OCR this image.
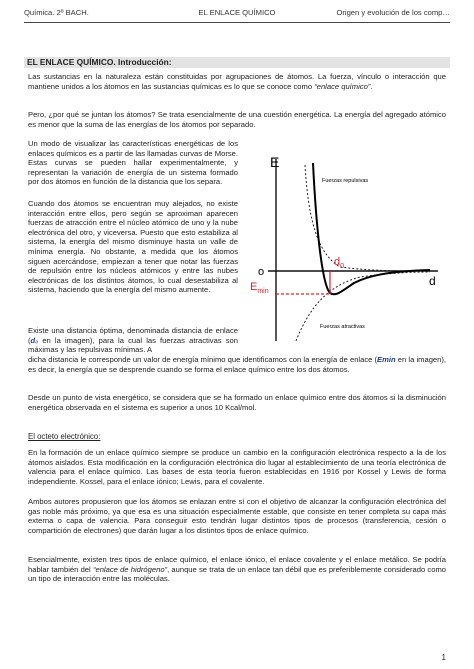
Química. 2º BACH.	EL ENLACE QUÍMICO	Origen y evolución de los comp…
EL ENLACE QUÍMICO. Introducción:

Las sustancias en la naturaleza están constituidas por agrupaciones de átomos. La fuerza, vínculo o interacción que mantiene unidos a los átomos en las sustancias químicas es lo que se conoce como “enlace químico”.

Pero, ¿por qué se juntan los átomos? Se trata esencialmente de una cuestión energética. La energía del agregado atómico es menor que la suma de las energías de los átomos por separado.

Un modo de visualizar las características energéticas de los enlaces químicos es a partir de las llamadas curvas de Morse. Estas curvas se pueden hallar experimentalmente, y representan la variación de energía de un sistema formado por dos átomos en función de la distancia que los separa.

Cuando dos átomos se encuentran muy alejados, no existe interacción entre ellos, pero según se aproximan aparecen fuerzas de atracción entre el núcleo atómico de uno y la nube electrónica del otro, y viceversa. Puesto que esto estabiliza al sistema, la energía del mismo disminuye hasta un valle de mínima energía. No obstante, a medida que los átomos siguen acercándose, empiezan a tener que notar las fuerzas de repulsión entre los núcleos atómicos y entre las nubes electrónicas de los distintos átomos, lo cual desestabiliza al sistema, haciendo que la energía del mismo aumente.

Existe una distancia óptima, denominada distancia de enlace (d₀ en la imagen), para la cual las fuerzas atractivas son máximas y las repulsivas mínimas. A

dicha distancia le corresponde un valor de energía mínimo que identificamos con la energía de enlace (Emin en la imagen), es decir, la energía que se desprende cuando se forma el enlace químico entre los dos átomos.

Desde un punto de vista energético, se considera que se ha formado un enlace químico entre dos átomos si la disminución energética observada en el sistema es superior a unos 10 Kcal/mol.

El octeto electrónico:

En la formación de un enlace químico siempre se produce un cambio en la configuración electrónica respecto a la de los átomos aislados. Esta modificación en la configuración electrónica dio lugar al establecimiento de una teoría electrónica de valencia para el enlace químico. Las bases de esta teoría fueron establecidas en 1916 por Kossel y Lewis de forma independiente. Kossel, para el enlace iónico; Lewis, para el covalente.

Ambos autores propusieron que los átomos se enlazan entre sí con el objetivo de alcanzar la configuración electrónica del gas noble más próximo, ya que esa es una situación especialmente estable, que consiste en tener completa su capa más externa o capa de valencia. Para conseguir esto tendrán lugar distintos tipos de procesos (transferencia, cesión o compartición de electrones) que darán lugar a los distintos tipos de enlace químico.

Esencialmente, existen tres tipos de enlace químico, el enlace iónico, el enlace covalente y el enlace metálico. Se podría hablar también del “enlace de hidrógeno”, aunque se trata de un enlace tan débil que es preferiblemente considerado como un tipo de interacción entre las moléculas.

E
d
o
$d_0$
$E_{min}$
Fuerzas repulsivas
Fuerzas atractivas
1
